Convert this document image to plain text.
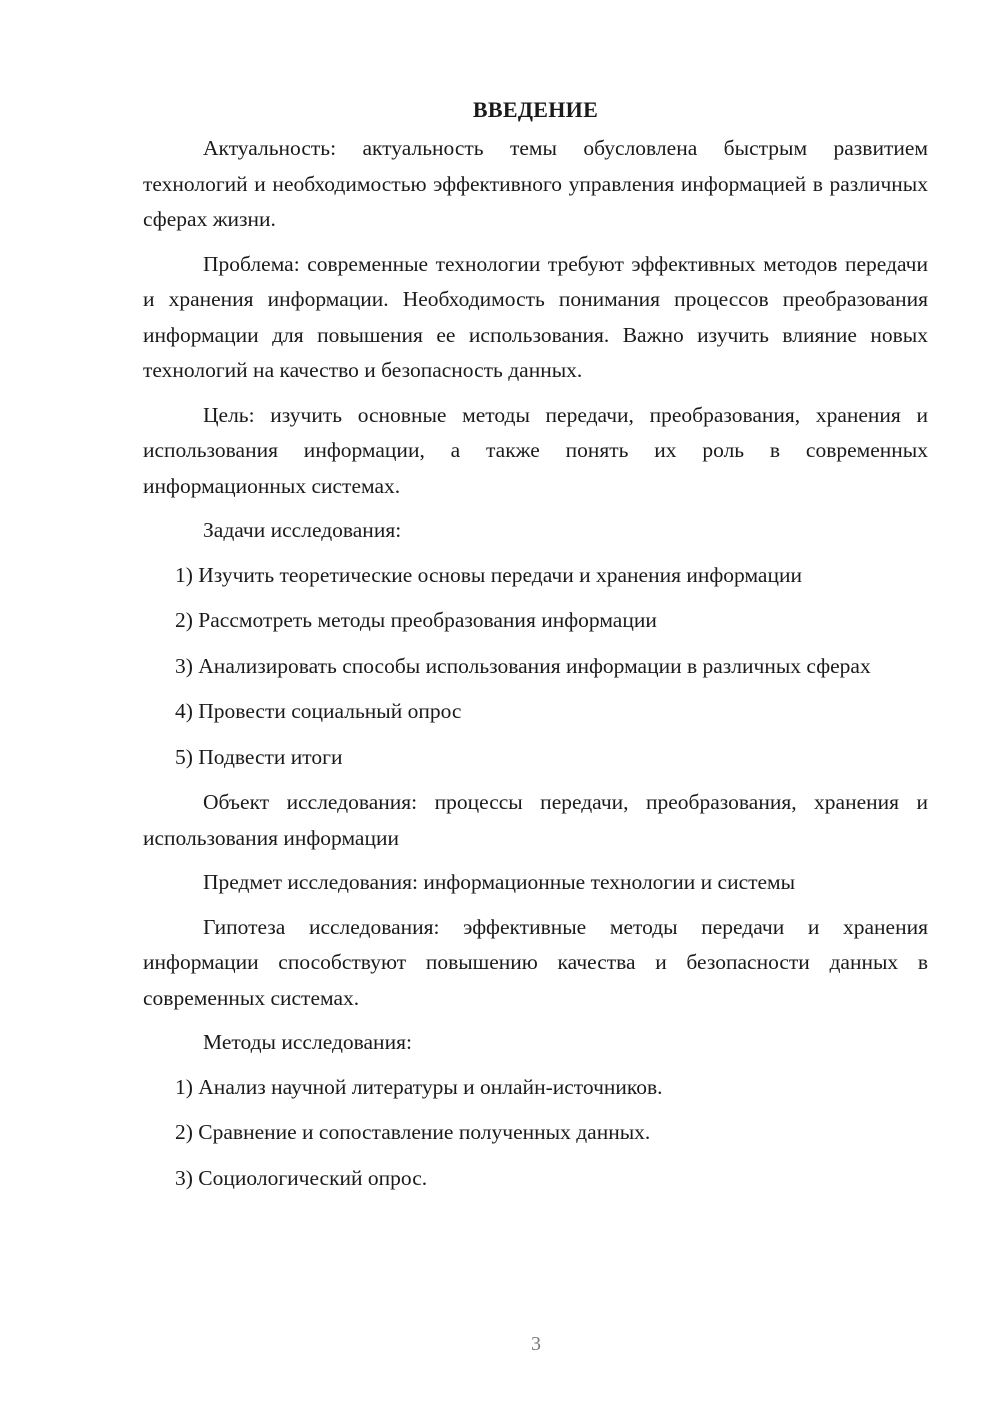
ВВЕДЕНИЕ

Актуальность: актуальность темы обусловлена быстрым развитием технологий и необходимостью эффективного управления информацией в различных сферах жизни.

Проблема: современные технологии требуют эффективных методов передачи и хранения информации. Необходимость понимания процессов преобразования информации для повышения ее использования. Важно изучить влияние новых технологий на качество и безопасность данных.

Цель: изучить основные методы передачи, преобразования, хранения и использования информации, а также понять их роль в современных информационных системах.

Задачи исследования:

1) Изучить теоретические основы передачи и хранения информации

2) Рассмотреть методы преобразования информации

3) Анализировать способы использования информации в различных сферах

4) Провести социальный опрос

5) Подвести итоги

Объект исследования: процессы передачи, преобразования, хранения и использования информации

Предмет исследования: информационные технологии и системы

Гипотеза исследования: эффективные методы передачи и хранения информации способствуют повышению качества и безопасности данных в современных системах.

Методы исследования:

1) Анализ научной литературы и онлайн-источников.

2) Сравнение и сопоставление полученных данных.

3) Социологический опрос.

3
